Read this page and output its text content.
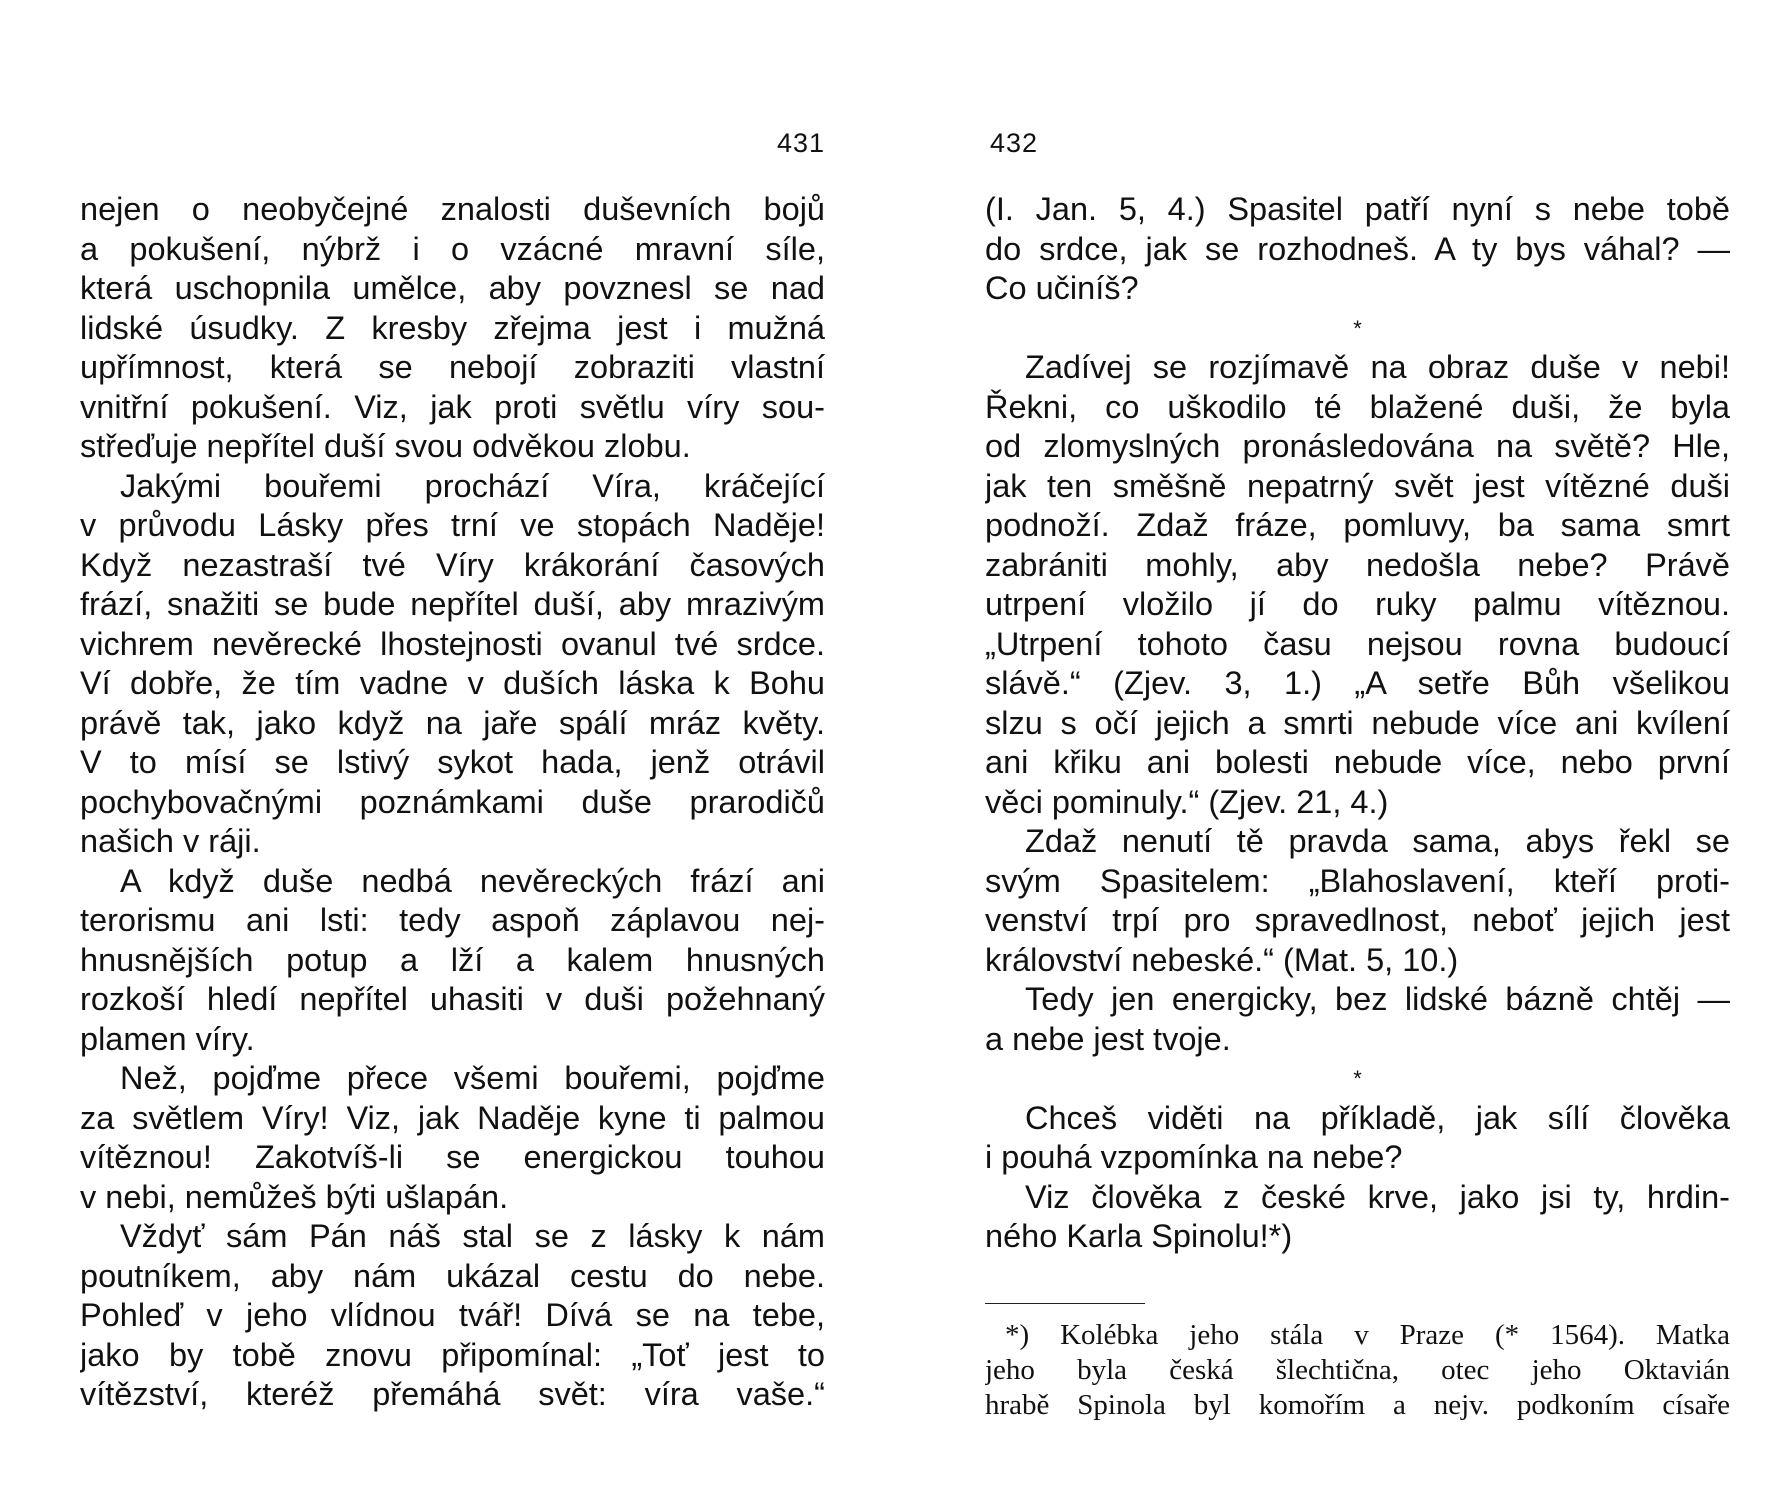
431
nejen o neobyčejné znalosti duševních bojů
a pokušení, nýbrž i o vzácné mravní síle,
která uschopnila umělce, aby povznesl se nad
lidské úsudky. Z kresby zřejma jest i mužná
upřímnost, která se nebojí zobraziti vlastní
vnitřní pokušení. Viz, jak proti světlu víry sou-
střeďuje nepřítel duší svou odvěkou zlobu.
Jakými bouřemi prochází Víra, kráčející
v průvodu Lásky přes trní ve stopách Naděje!
Když nezastraší tvé Víry krákorání časových
frází, snažiti se bude nepřítel duší, aby mrazivým
vichrem nevěrecké lhostejnosti ovanul tvé srdce.
Ví dobře, že tím vadne v duších láska k Bohu
právě tak, jako když na jaře spálí mráz květy.
V to mísí se lstivý sykot hada, jenž otrávil
pochybovačnými poznámkami duše prarodičů
našich v ráji.
A když duše nedbá nevěreckých frází ani
terorismu ani lsti: tedy aspoň záplavou nej-
hnusnějších potup a lží a kalem hnusných
rozkoší hledí nepřítel uhasiti v duši požehnaný
plamen víry.
Než, pojďme přece všemi bouřemi, pojďme
za světlem Víry! Viz, jak Naděje kyne ti palmou
vítěznou! Zakotvíš-li se energickou touhou
v nebi, nemůžeš býti ušlapán.
Vždyť sám Pán náš stal se z lásky k nám
poutníkem, aby nám ukázal cestu do nebe.
Pohleď v jeho vlídnou tvář! Dívá se na tebe,
jako by tobě znovu připomínal: „Toť jest to
vítězství, kteréž přemáhá svět: víra vaše.“
432
(I. Jan. 5, 4.) Spasitel patří nyní s nebe tobě
do srdce, jak se rozhodneš. A ty bys váhal? —
Co učiníš?
*
Zadívej se rozjímavě na obraz duše v nebi!
Řekni, co uškodilo té blažené duši, že byla
od zlomyslných pronásledována na světě? Hle,
jak ten směšně nepatrný svět jest vítězné duši
podnoží. Zdaž fráze, pomluvy, ba sama smrt
zabrániti mohly, aby nedošla nebe? Právě
utrpení vložilo jí do ruky palmu vítěznou.
„Utrpení tohoto času nejsou rovna budoucí
slávě.“ (Zjev. 3, 1.) „A setře Bůh všelikou
slzu s očí jejich a smrti nebude více ani kvílení
ani křiku ani bolesti nebude více, nebo první
věci pominuly.“ (Zjev. 21, 4.)
Zdaž nenutí tě pravda sama, abys řekl se
svým Spasitelem: „Blahoslavení, kteří proti-
venství trpí pro spravedlnost, neboť jejich jest
království nebeské.“ (Mat. 5, 10.)
Tedy jen energicky, bez lidské bázně chtěj —
a nebe jest tvoje.
*
Chceš viděti na příkladě, jak sílí člověka
i pouhá vzpomínka na nebe?
Viz člověka z české krve, jako jsi ty, hrdin-
ného Karla Spinolu!*)
*) Kolébka jeho stála v Praze (* 1564). Matka
jeho byla česká šlechtična, otec jeho Oktavián
hrabě Spinola byl komořím a nejv. podkoním císaře
